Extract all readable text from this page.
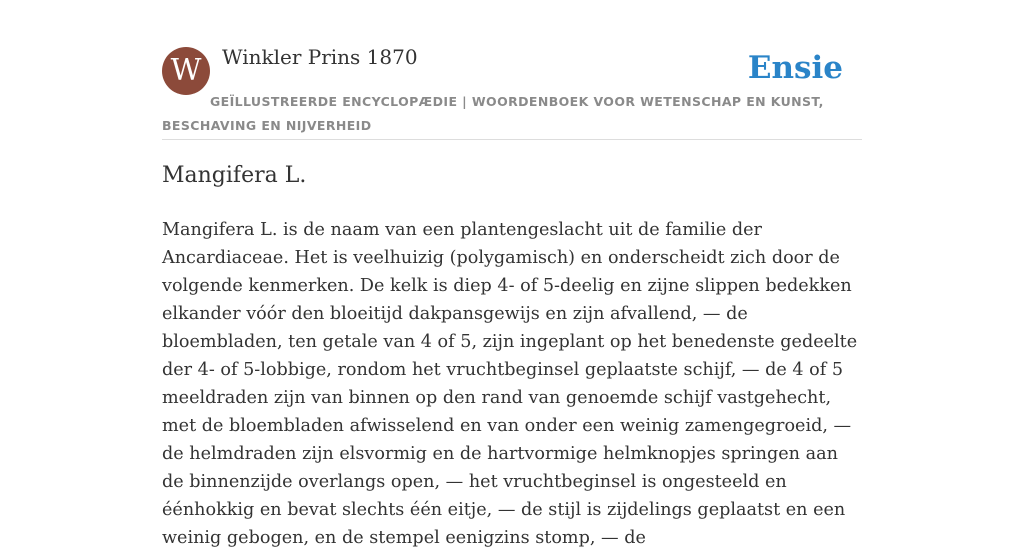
W	Winkler Prins 1870	Ensie
GEÏLLUSTREERDE ENCYCLOPÆDIE | WOORDENBOEK VOOR WETENSCHAP EN KUNST, BESCHAVING EN NIJVERHEID
Mangifera L.

Mangifera L. is de naam van een plantengeslacht uit de familie der Ancardiaceae. Het is veelhuizig (polygamisch) en onderscheidt zich door de volgende kenmerken. De kelk is diep 4- of 5-deelig en zijne slippen bedekken elkander vóór den bloeitijd dakpansgewijs en zijn afvallend, — de bloembladen, ten getale van 4 of 5, zijn ingeplant op het benedenste gedeelte der 4- of 5-lobbige, rondom het vruchtbeginsel geplaatste schijf, — de 4 of 5 meeldraden zijn van binnen op den rand van genoemde schijf vastgehecht, met de bloembladen afwisselend en van onder een weinig zamengegroeid, — de helmdraden zijn elsvormig en de hartvormige helmknopjes springen aan de binnenzijde overlangs open, — het vruchtbeginsel is ongesteeld en éénhokkig en bevat slechts één eitje, — de stijl is zijdelings geplaatst en een weinig gebogen, en de stempel eenigzins stomp, — de
